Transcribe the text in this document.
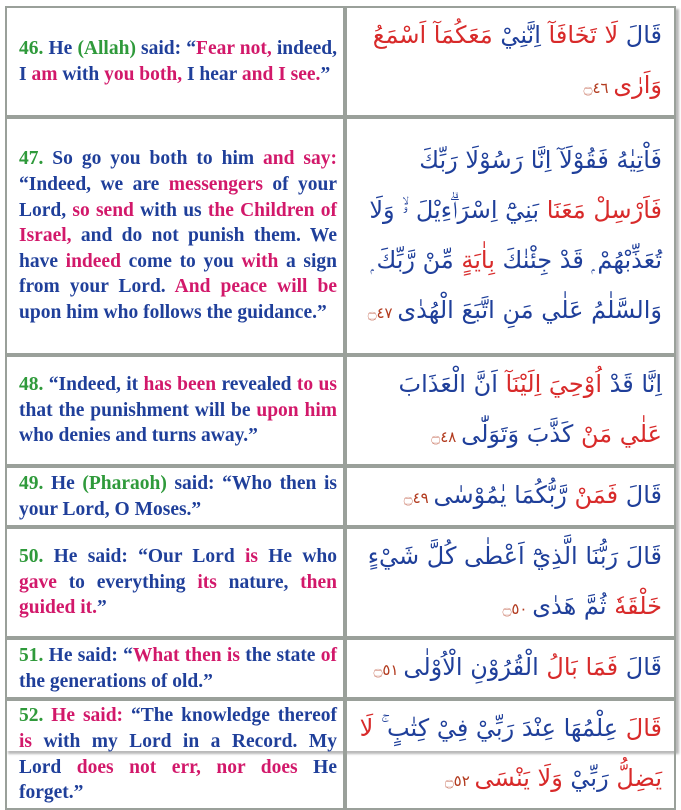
46. He (Allah) said: “Fear not, indeed, I am with you both, I hear and I see.”	قَالَ لَا تَخَافَآ اِنَّنِيْ مَعَكُمَآ اَسْمَعُ وَاَرٰى ۝٤٦
47. So go you both to him and say: “Indeed, we are messengers of your Lord, so send with us the Children of Israel, and do not punish them. We have indeed come to you with a sign from your Lord. And peace will be upon him who follows the guidance.”	فَاْتِيٰهُ فَقُوْلَآ اِنَّا رَسُوْلَا رَبِّكَ فَاَرْسِلْ مَعَنَا بَنِيْٓ اِسْرَاۗءِيْلَ ۥۙ وَلَا تُعَذِّبْهُمْ ۭ قَدْ جِئْنٰكَ بِاٰيَةٍ مِّنْ رَّبِّكَ ۭ وَالسَّلٰمُ عَلٰي مَنِ اتَّبَعَ الْهُدٰى ۝٤٧
48. “Indeed, it has been revealed to us that the punishment will be upon him who denies and turns away.”	اِنَّا قَدْ اُوْحِيَ اِلَيْنَآ اَنَّ الْعَذَابَ عَلٰي مَنْ كَذَّبَ وَتَوَلّٰى ۝٤٨
49. He (Pharaoh) said: “Who then is your Lord, O Moses.”	قَالَ فَمَنْ رَّبُّكُمَا يٰمُوْسٰى ۝٤٩
50. He said: “Our Lord is He who gave to everything its nature, then guided it.”	قَالَ رَبُّنَا الَّذِيْٓ اَعْطٰى كُلَّ شَيْءٍ خَلْقَهٗ ثُمَّ هَدٰى ۝٥٠
51. He said: “What then is the state of the generations of old.”	قَالَ فَمَا بَالُ الْقُرُوْنِ الْاُوْلٰى ۝٥١
52. He said: “The knowledge thereof is with my Lord in a Record. My Lord does not err, nor does He forget.”	قَالَ عِلْمُهَا عِنْدَ رَبِّيْ فِيْ كِتٰبٍ ۚ لَا يَضِلُّ رَبِّيْ وَلَا يَنْسَى ۝٥٢
